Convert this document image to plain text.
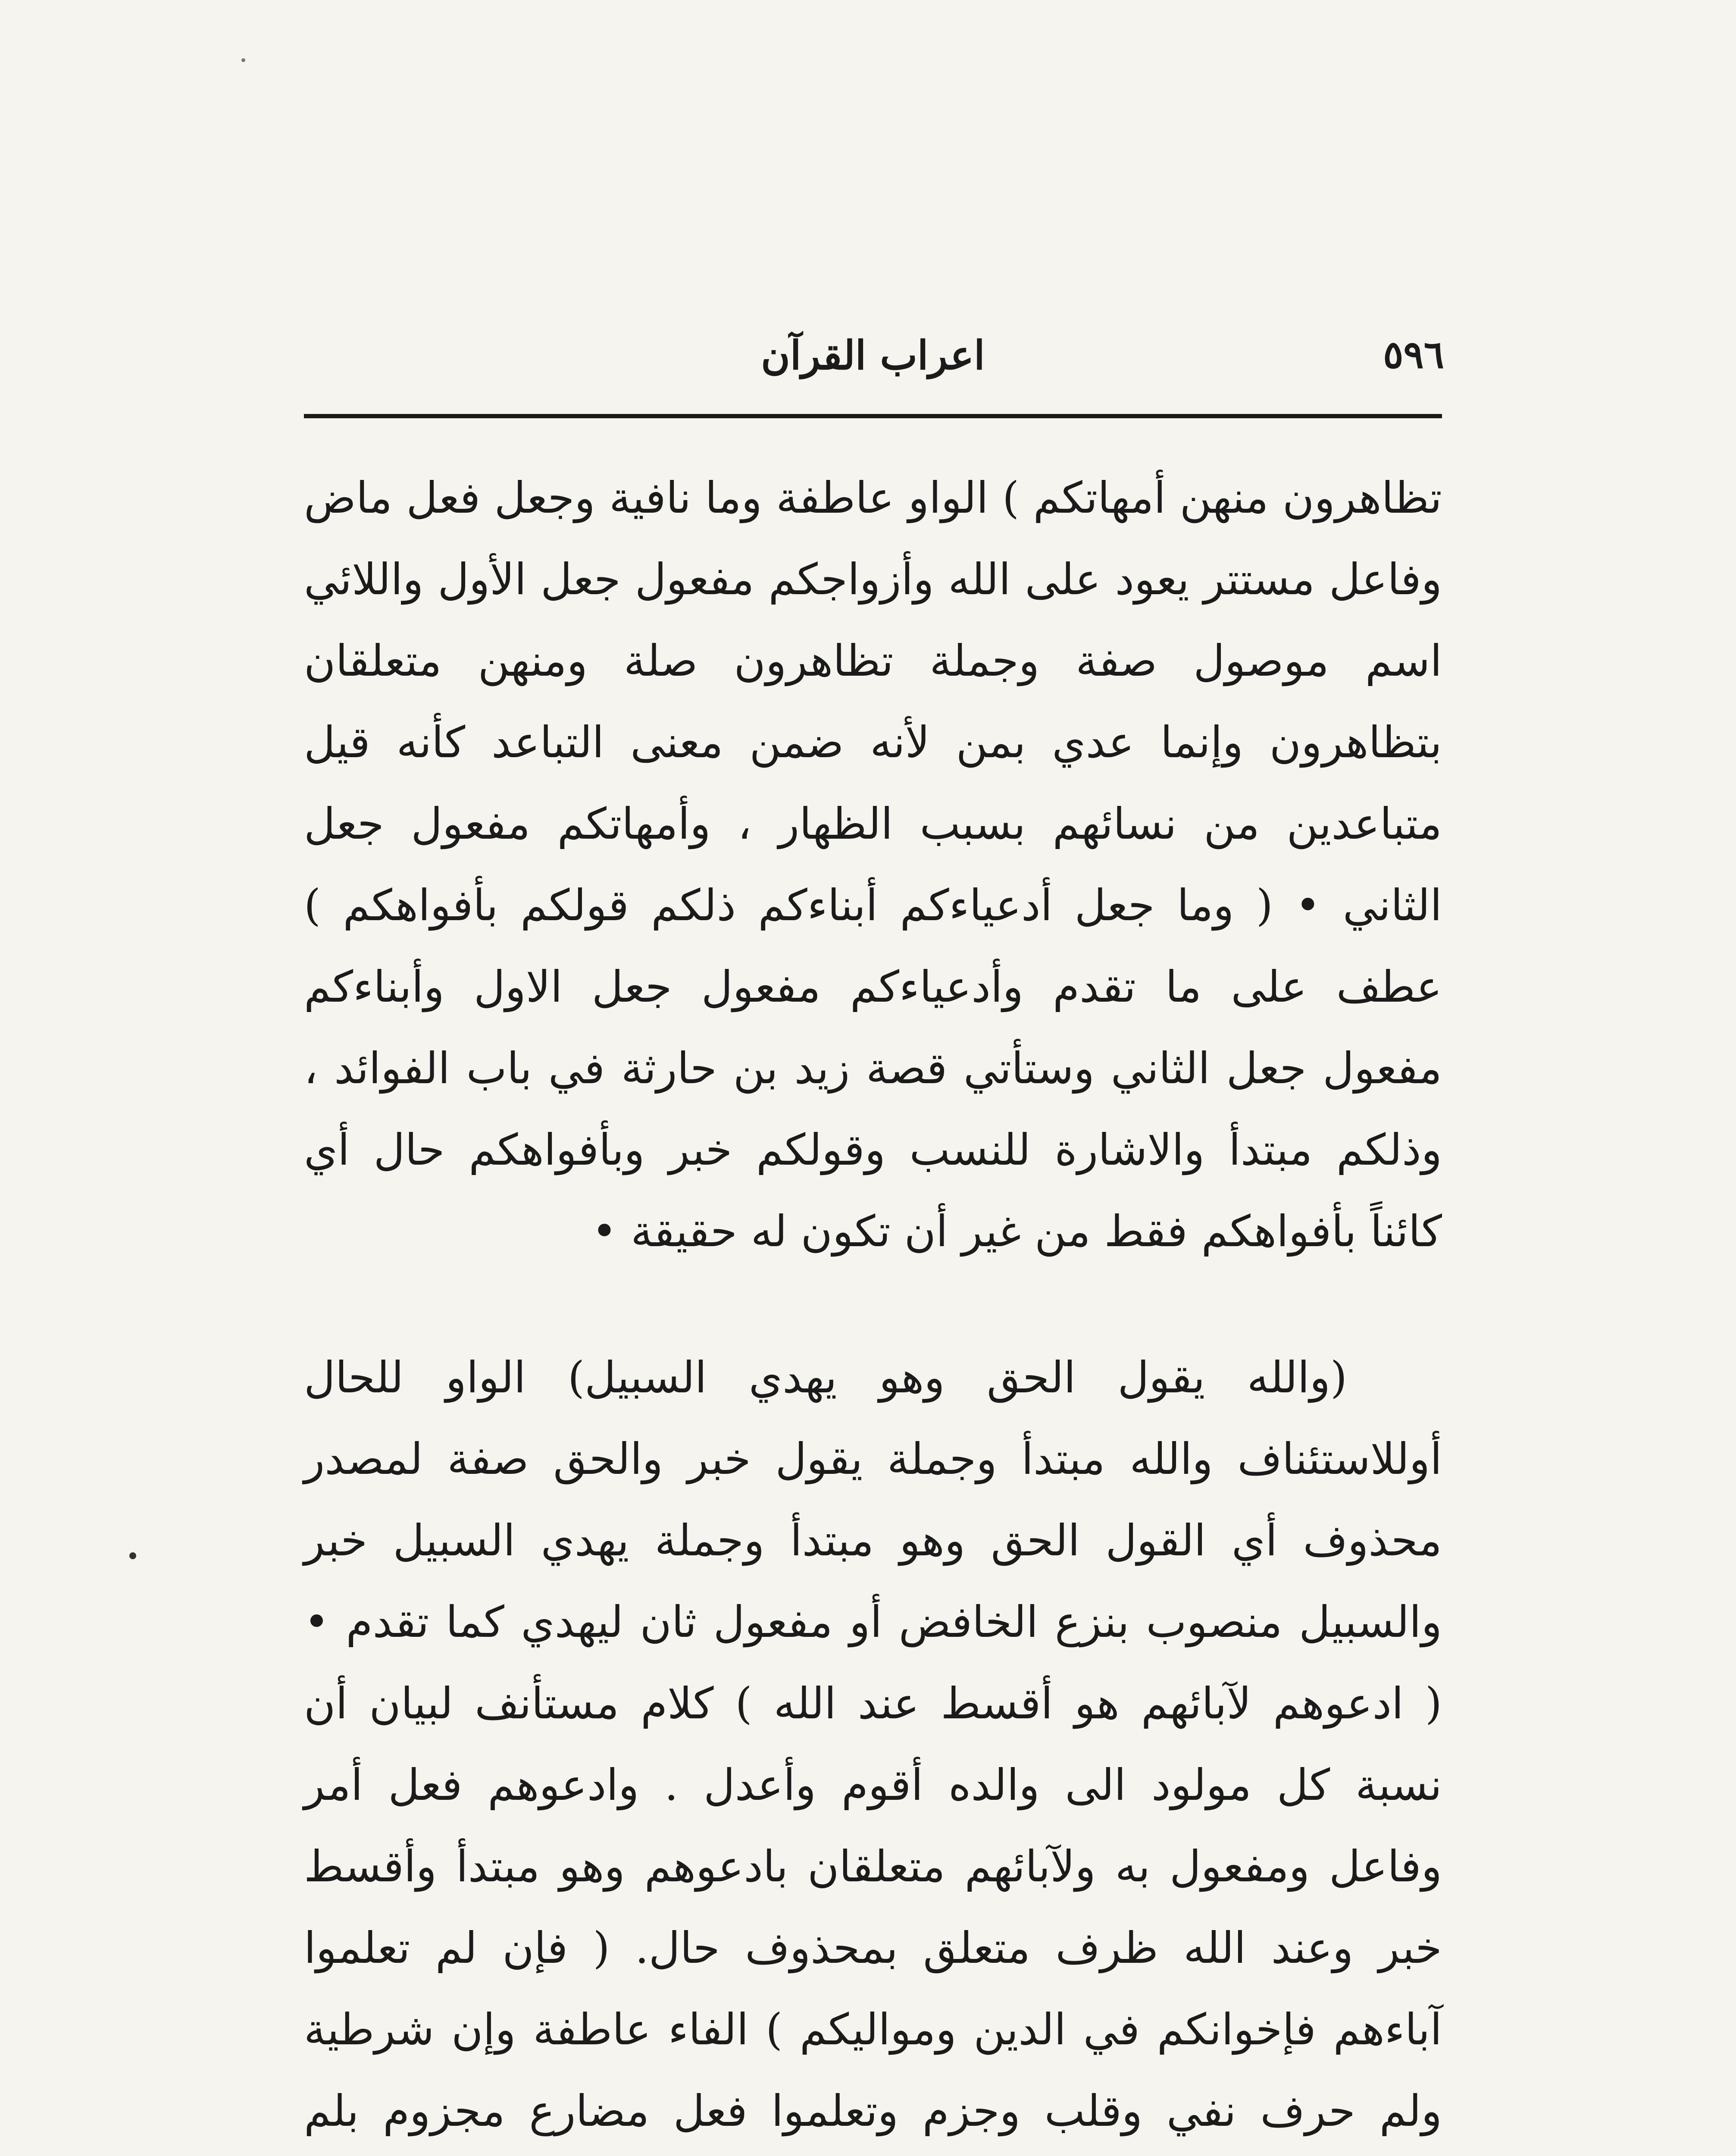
٥٩٦
اعراب القرآن

تظاهرون منهن أمهاتكم ) الواو عاطفة وما نافية وجعل فعل ماض وفاعل مستتر يعود على الله وأزواجكم مفعول جعل الأول واللائي اسم موصول صفة وجملة تظاهرون صلة ومنهن متعلقان بتظاهرون وإنما عدي بمن لأنه ضمن معنى التباعد كأنه قيل متباعدين من نسائهم بسبب الظهار ، وأمهاتكم مفعول جعل الثاني • ( وما جعل أدعياءكم أبناءكم ذلكم قولكم بأفواهكم ) عطف على ما تقدم وأدعياءكم مفعول جعل الاول وأبناءكم مفعول جعل الثاني وستأتي قصة زيد بن حارثة في باب الفوائد ، وذلكم مبتدأ والاشارة للنسب وقولكم خبر وبأفواهكم حال أي كائناً بأفواهكم فقط من غير أن تكون له حقيقة •

(والله يقول الحق وهو يهدي السبيل) الواو للحال أوللاستئناف والله مبتدأ وجملة يقول خبر والحق صفة لمصدر محذوف أي القول الحق وهو مبتدأ وجملة يهدي السبيل خبر والسبيل منصوب بنزع الخافض أو مفعول ثان ليهدي كما تقدم • ( ادعوهم لآبائهم هو أقسط عند الله ) كلام مستأنف لبيان أن نسبة كل مولود الى والده أقوم وأعدل . وادعوهم فعل أمر وفاعل ومفعول به ولآبائهم متعلقان بادعوهم وهو مبتدأ وأقسط خبر وعند الله ظرف متعلق بمحذوف حال. ( فإن لم تعلموا آباءهم فإخوانكم في الدين ومواليكم ) الفاء عاطفة وإن شرطية ولم حرف نفي وقلب وجزم وتعلموا فعل مضارع مجزوم بلم
